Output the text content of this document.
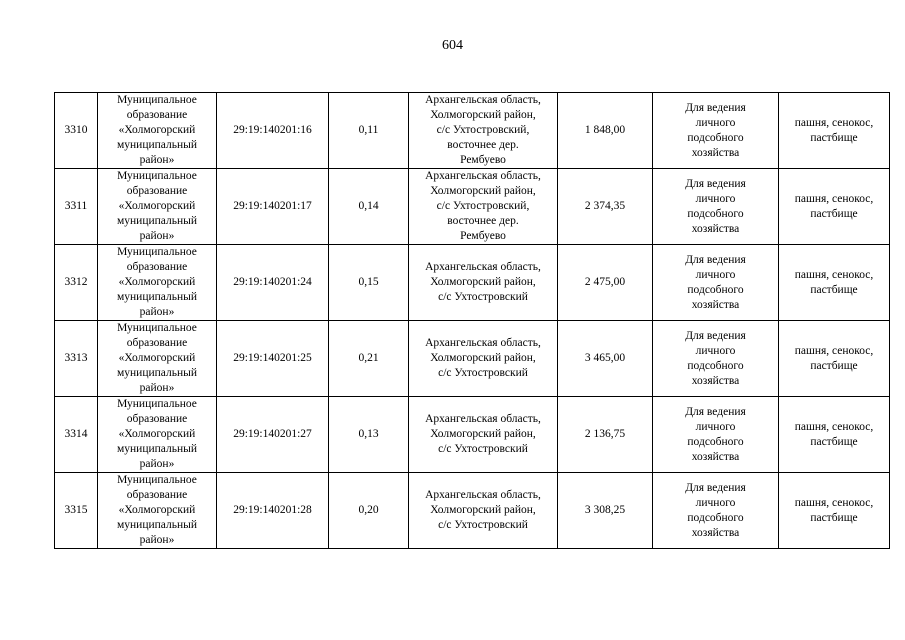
604
3310	Муниципальное
образование
«Холмогорский
муниципальный
район»	29:19:140201:16	0,11	Архангельская область,
Холмогорский район,
с/с Ухтостровский,
восточнее дер.
Рембуево	1 848,00	Для ведения
личного
подсобного
хозяйства	пашня, сенокос,
пастбище

3311	Муниципальное
образование
«Холмогорский
муниципальный
район»	29:19:140201:17	0,14	Архангельская область,
Холмогорский район,
с/с Ухтостровский,
восточнее дер.
Рембуево	2 374,35	Для ведения
личного
подсобного
хозяйства	пашня, сенокос,
пастбище

3312	Муниципальное
образование
«Холмогорский
муниципальный
район»	29:19:140201:24	0,15	Архангельская область,
Холмогорский район,
с/с Ухтостровский	2 475,00	Для ведения
личного
подсобного
хозяйства	пашня, сенокос,
пастбище

3313	Муниципальное
образование
«Холмогорский
муниципальный
район»	29:19:140201:25	0,21	Архангельская область,
Холмогорский район,
с/с Ухтостровский	3 465,00	Для ведения
личного
подсобного
хозяйства	пашня, сенокос,
пастбище

3314	Муниципальное
образование
«Холмогорский
муниципальный
район»	29:19:140201:27	0,13	Архангельская область,
Холмогорский район,
с/с Ухтостровский	2 136,75	Для ведения
личного
подсобного
хозяйства	пашня, сенокос,
пастбище

3315	Муниципальное
образование
«Холмогорский
муниципальный
район»	29:19:140201:28	0,20	Архангельская область,
Холмогорский район,
с/с Ухтостровский	3 308,25	Для ведения
личного
подсобного
хозяйства	пашня, сенокос,
пастбище
